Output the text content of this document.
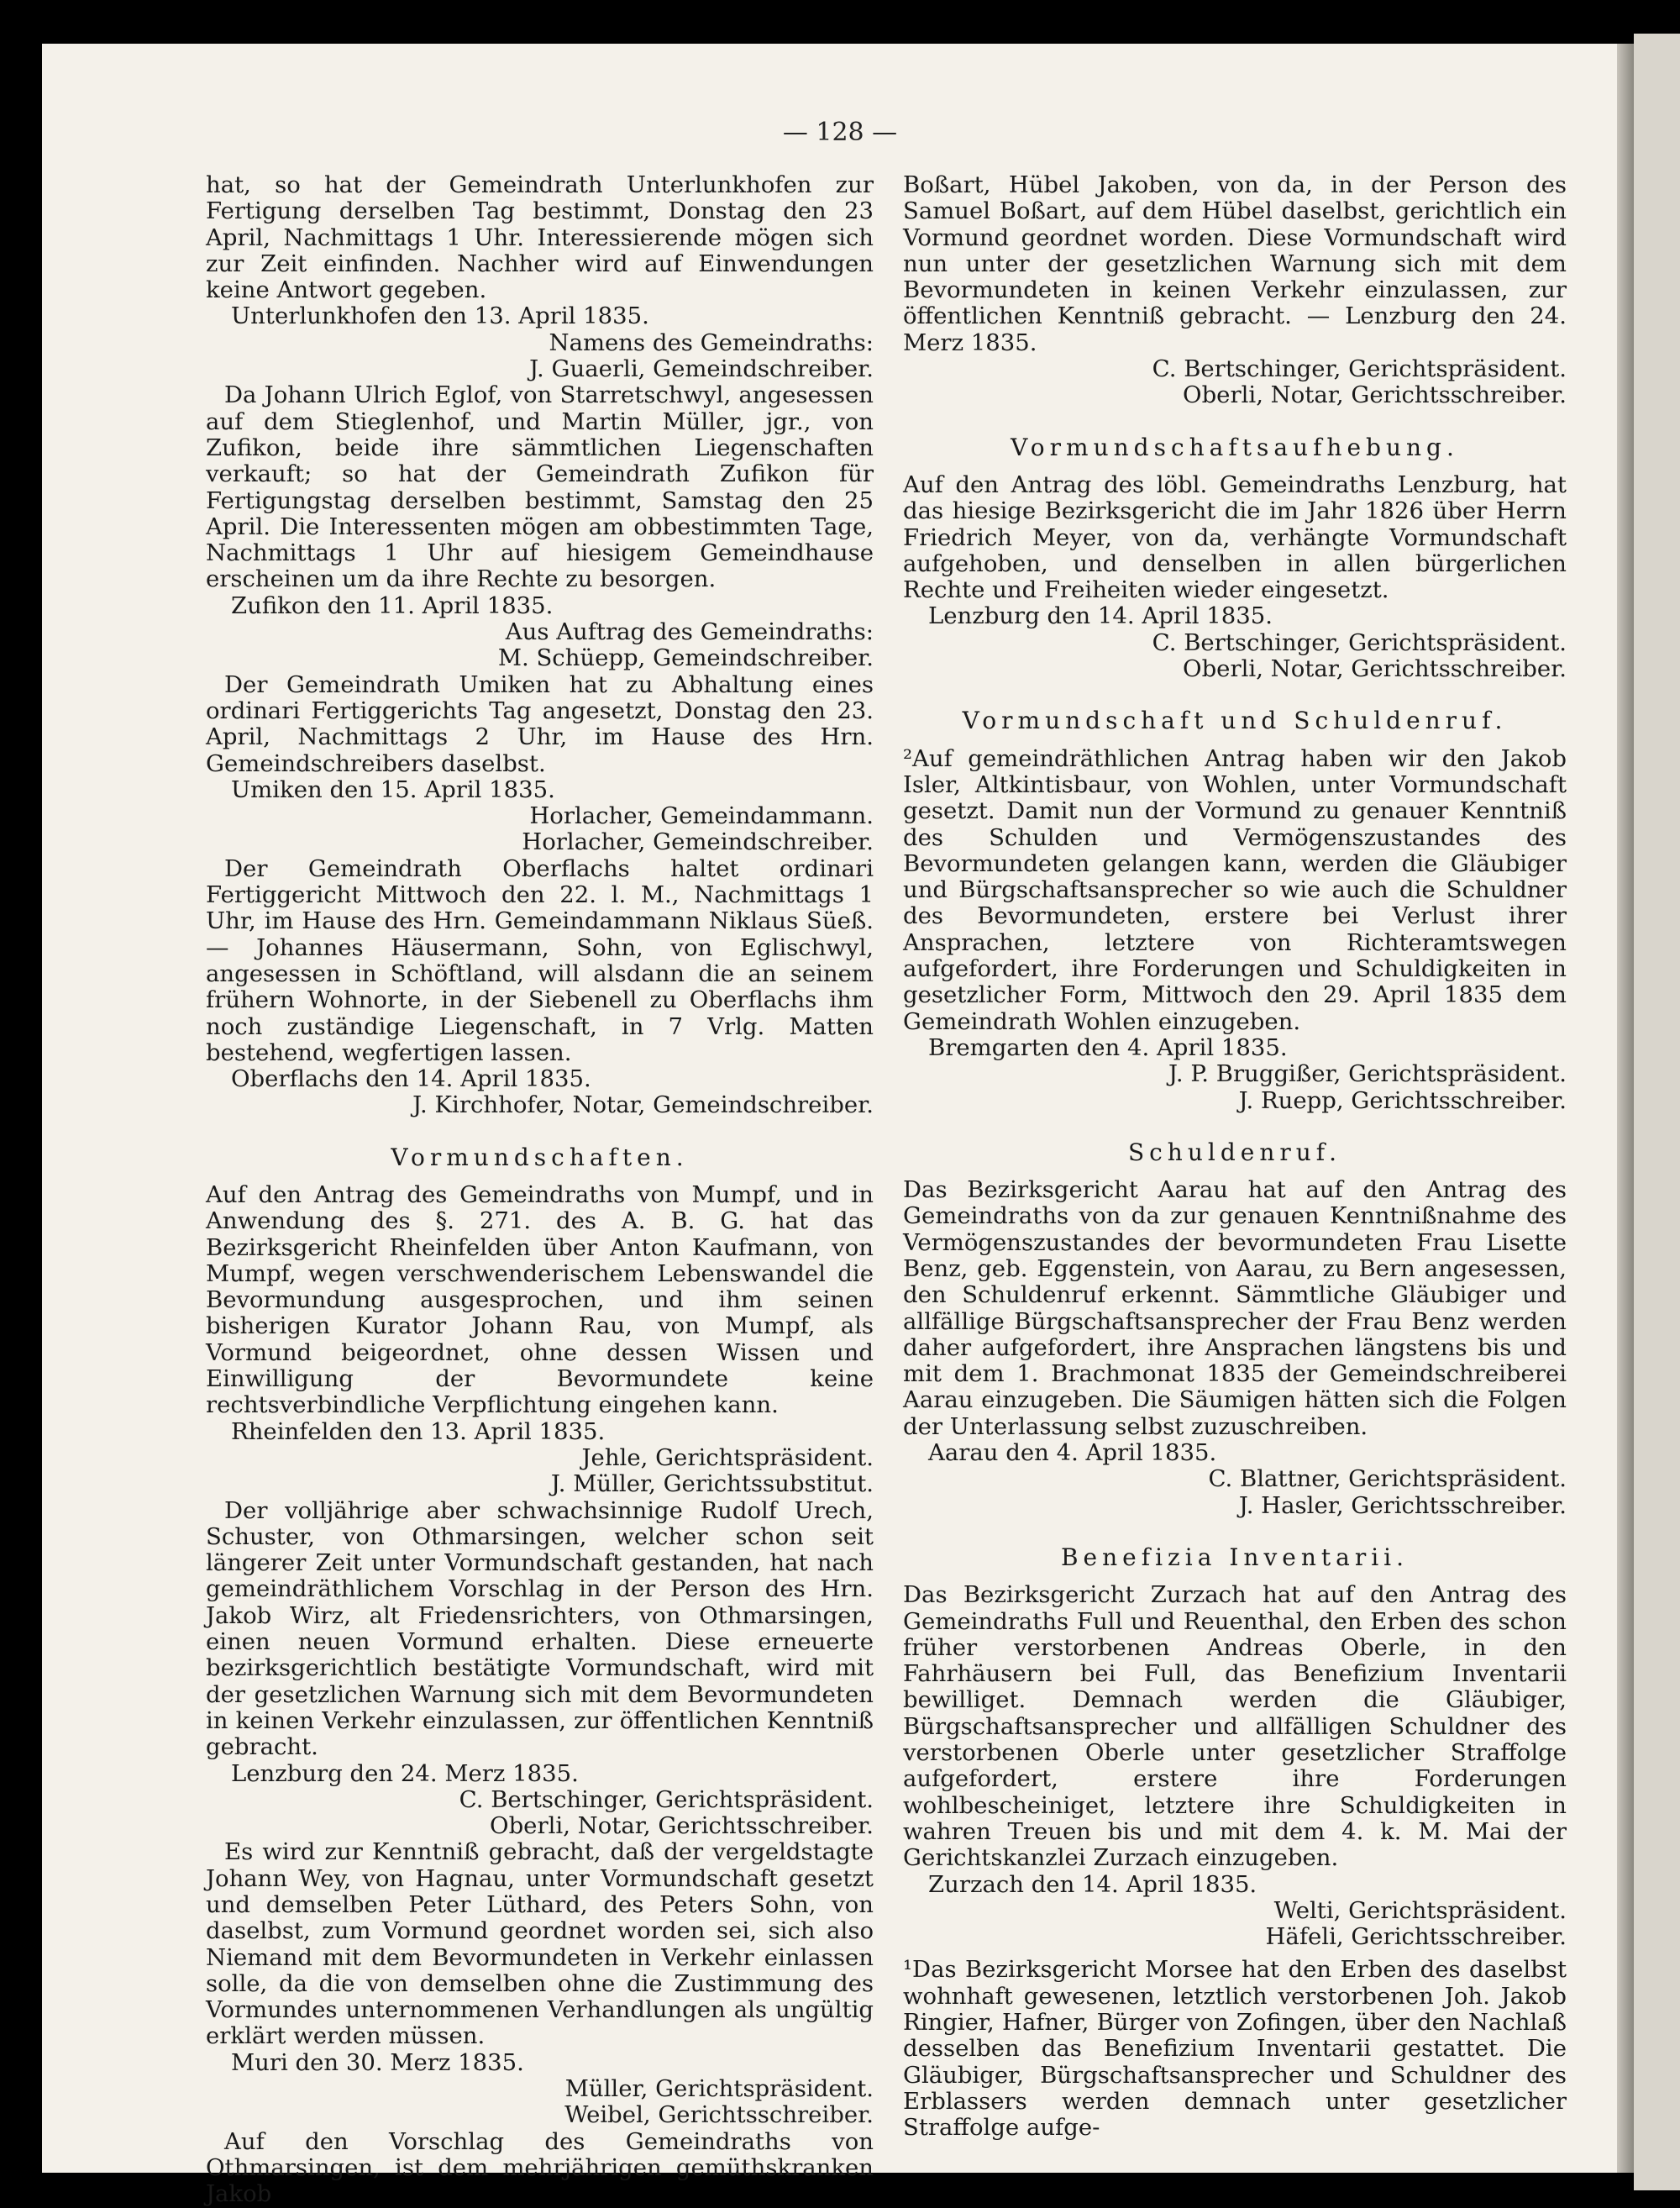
— 128 —

hat, so hat der Gemeindrath Unterlunkhofen zur Fertigung derselben Tag bestimmt, Donstag den 23 April, Nachmittags 1 Uhr. Interessierende mögen sich zur Zeit einfinden. Nachher wird auf Einwendungen keine Antwort gegeben.

Unterlunkhofen den 13. April 1835.

Namens des Gemeindraths:

J. Guaerli, Gemeindschreiber.

Da Johann Ulrich Eglof, von Starretschwyl, angesessen auf dem Stieglenhof, und Martin Müller, jgr., von Zufikon, beide ihre sämmtlichen Liegenschaften verkauft; so hat der Gemeindrath Zufikon für Fertigungstag derselben bestimmt, Samstag den 25 April. Die Interessenten mögen am obbestimmten Tage, Nachmittags 1 Uhr auf hiesigem Gemeindhause erscheinen um da ihre Rechte zu besorgen.

Zufikon den 11. April 1835.

Aus Auftrag des Gemeindraths:

M. Schüepp, Gemeindschreiber.

Der Gemeindrath Umiken hat zu Abhaltung eines ordinari Fertiggerichts Tag angesetzt, Donstag den 23. April, Nachmittags 2 Uhr, im Hause des Hrn. Gemeindschreibers daselbst.

Umiken den 15. April 1835.

Horlacher, Gemeindammann.

Horlacher, Gemeindschreiber.

Der Gemeindrath Oberflachs haltet ordinari Fertiggericht Mittwoch den 22. l. M., Nachmittags 1 Uhr, im Hause des Hrn. Gemeindammann Niklaus Süeß. — Johannes Häusermann, Sohn, von Eglischwyl, angesessen in Schöftland, will alsdann die an seinem frühern Wohnorte, in der Siebenell zu Oberflachs ihm noch zuständige Liegenschaft, in 7 Vrlg. Matten bestehend, wegfertigen lassen.

Oberflachs den 14. April 1835.

J. Kirchhofer, Notar, Gemeindschreiber.

Vormundschaften.

Auf den Antrag des Gemeindraths von Mumpf, und in Anwendung des §. 271. des A. B. G. hat das Bezirksgericht Rheinfelden über Anton Kaufmann, von Mumpf, wegen verschwenderischem Lebenswandel die Bevormundung ausgesprochen, und ihm seinen bisherigen Kurator Johann Rau, von Mumpf, als Vormund beigeordnet, ohne dessen Wissen und Einwilligung der Bevormundete keine rechtsverbindliche Verpflichtung eingehen kann.

Rheinfelden den 13. April 1835.

Jehle, Gerichtspräsident.

J. Müller, Gerichtssubstitut.

Der volljährige aber schwachsinnige Rudolf Urech, Schuster, von Othmarsingen, welcher schon seit längerer Zeit unter Vormundschaft gestanden, hat nach gemeindräthlichem Vorschlag in der Person des Hrn. Jakob Wirz, alt Friedensrichters, von Othmarsingen, einen neuen Vormund erhalten. Diese erneuerte bezirksgerichtlich bestätigte Vormundschaft, wird mit der gesetzlichen Warnung sich mit dem Bevormundeten in keinen Verkehr einzulassen, zur öffentlichen Kenntniß gebracht.

Lenzburg den 24. Merz 1835.

C. Bertschinger, Gerichtspräsident.

Oberli, Notar, Gerichtsschreiber.

Es wird zur Kenntniß gebracht, daß der vergeldstagte Johann Wey, von Hagnau, unter Vormundschaft gesetzt und demselben Peter Lüthard, des Peters Sohn, von daselbst, zum Vormund geordnet worden sei, sich also Niemand mit dem Bevormundeten in Verkehr einlassen solle, da die von demselben ohne die Zustimmung des Vormundes unternommenen Verhandlungen als ungültig erklärt werden müssen.

Muri den 30. Merz 1835.

Müller, Gerichtspräsident.

Weibel, Gerichtsschreiber.

Auf den Vorschlag des Gemeindraths von Othmarsingen, ist dem mehrjährigen gemüthskranken Jakob

Boßart, Hübel Jakoben, von da, in der Person des Samuel Boßart, auf dem Hübel daselbst, gerichtlich ein Vormund geordnet worden. Diese Vormundschaft wird nun unter der gesetzlichen Warnung sich mit dem Bevormundeten in keinen Verkehr einzulassen, zur öffentlichen Kenntniß gebracht. — Lenzburg den 24. Merz 1835.

C. Bertschinger, Gerichtspräsident.

Oberli, Notar, Gerichtsschreiber.

Vormundschaftsaufhebung.

Auf den Antrag des löbl. Gemeindraths Lenzburg, hat das hiesige Bezirksgericht die im Jahr 1826 über Herrn Friedrich Meyer, von da, verhängte Vormundschaft aufgehoben, und denselben in allen bürgerlichen Rechte und Freiheiten wieder eingesetzt.

Lenzburg den 14. April 1835.

C. Bertschinger, Gerichtspräsident.

Oberli, Notar, Gerichtsschreiber.

Vormundschaft und Schuldenruf.

²Auf gemeindräthlichen Antrag haben wir den Jakob Isler, Altkintisbaur, von Wohlen, unter Vormundschaft gesetzt. Damit nun der Vormund zu genauer Kenntniß des Schulden und Vermögenszustandes des Bevormundeten gelangen kann, werden die Gläubiger und Bürgschaftsansprecher so wie auch die Schuldner des Bevormundeten, erstere bei Verlust ihrer Ansprachen, letztere von Richteramtswegen aufgefordert, ihre Forderungen und Schuldigkeiten in gesetzlicher Form, Mittwoch den 29. April 1835 dem Gemeindrath Wohlen einzugeben.

Bremgarten den 4. April 1835.

J. P. Bruggißer, Gerichtspräsident.

J. Ruepp, Gerichtsschreiber.

Schuldenruf.

Das Bezirksgericht Aarau hat auf den Antrag des Gemeindraths von da zur genauen Kenntnißnahme des Vermögenszustandes der bevormundeten Frau Lisette Benz, geb. Eggenstein, von Aarau, zu Bern angesessen, den Schuldenruf erkennt. Sämmtliche Gläubiger und allfällige Bürgschaftsansprecher der Frau Benz werden daher aufgefordert, ihre Ansprachen längstens bis und mit dem 1. Brachmonat 1835 der Gemeindschreiberei Aarau einzugeben. Die Säumigen hätten sich die Folgen der Unterlassung selbst zuzuschreiben.

Aarau den 4. April 1835.

C. Blattner, Gerichtspräsident.

J. Hasler, Gerichtsschreiber.

Benefizia Inventarii.

Das Bezirksgericht Zurzach hat auf den Antrag des Gemeindraths Full und Reuenthal, den Erben des schon früher verstorbenen Andreas Oberle, in den Fahrhäusern bei Full, das Benefizium Inventarii bewilliget. Demnach werden die Gläubiger, Bürgschaftsansprecher und allfälligen Schuldner des verstorbenen Oberle unter gesetzlicher Straffolge aufgefordert, erstere ihre Forderungen wohlbescheiniget, letztere ihre Schuldigkeiten in wahren Treuen bis und mit dem 4. k. M. Mai der Gerichtskanzlei Zurzach einzugeben.

Zurzach den 14. April 1835.

Welti, Gerichtspräsident.

Häfeli, Gerichtsschreiber.

¹Das Bezirksgericht Morsee hat den Erben des daselbst wohnhaft gewesenen, letztlich verstorbenen Joh. Jakob Ringier, Hafner, Bürger von Zofingen, über den Nachlaß desselben das Benefizium Inventarii gestattet. Die Gläubiger, Bürgschaftsansprecher und Schuldner des Erblassers werden demnach unter gesetzlicher Straffolge aufge-
